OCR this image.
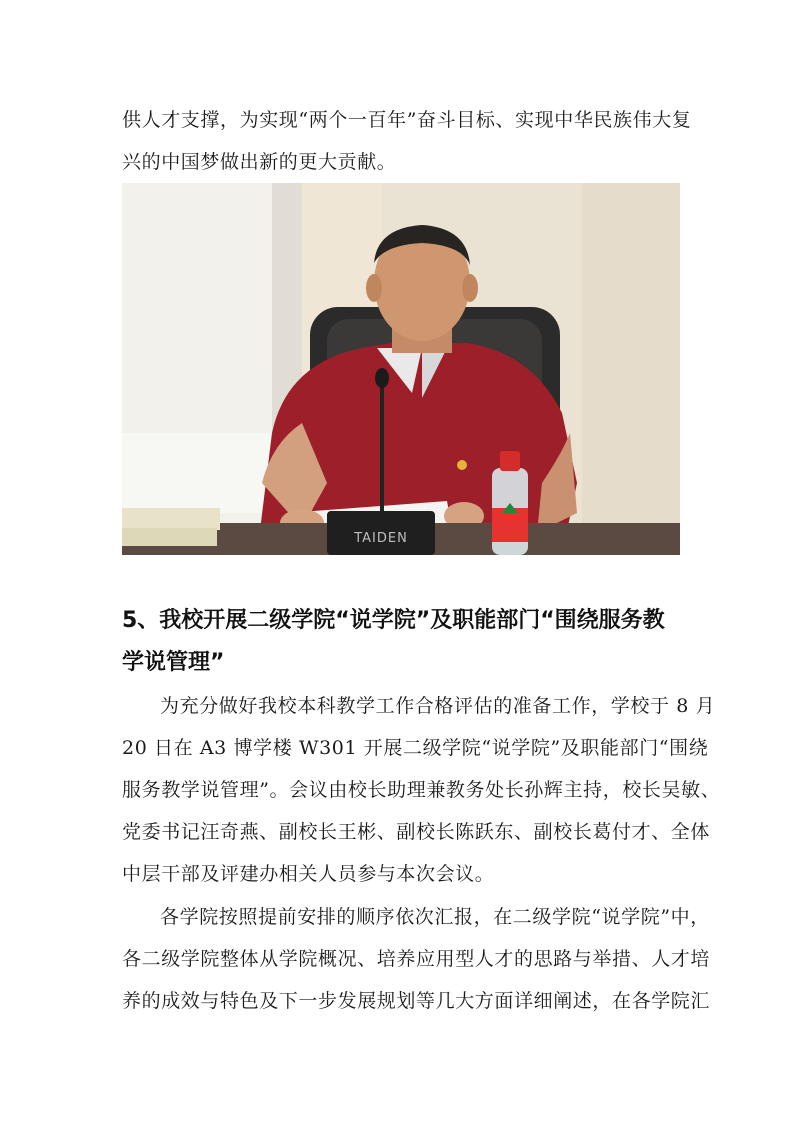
供人才支撑，为实现“两个一百年”奋斗目标、实现中华民族伟大复
兴的中国梦做出新的更大贡献。
TAIDEN
5、我校开展二级学院“说学院”及职能部门“围绕服务教
学说管理”
为充分做好我校本科教学工作合格评估的准备工作，学校于 8 月
20 日在 A3 博学楼 W301 开展二级学院“说学院”及职能部门“围绕
服务教学说管理”。会议由校长助理兼教务处长孙辉主持，校长吴敏、
党委书记汪奇燕、副校长王彬、副校长陈跃东、副校长葛付才、全体
中层干部及评建办相关人员参与本次会议。
各学院按照提前安排的顺序依次汇报，在二级学院“说学院”中，
各二级学院整体从学院概况、培养应用型人才的思路与举措、人才培
养的成效与特色及下一步发展规划等几大方面详细阐述，在各学院汇
